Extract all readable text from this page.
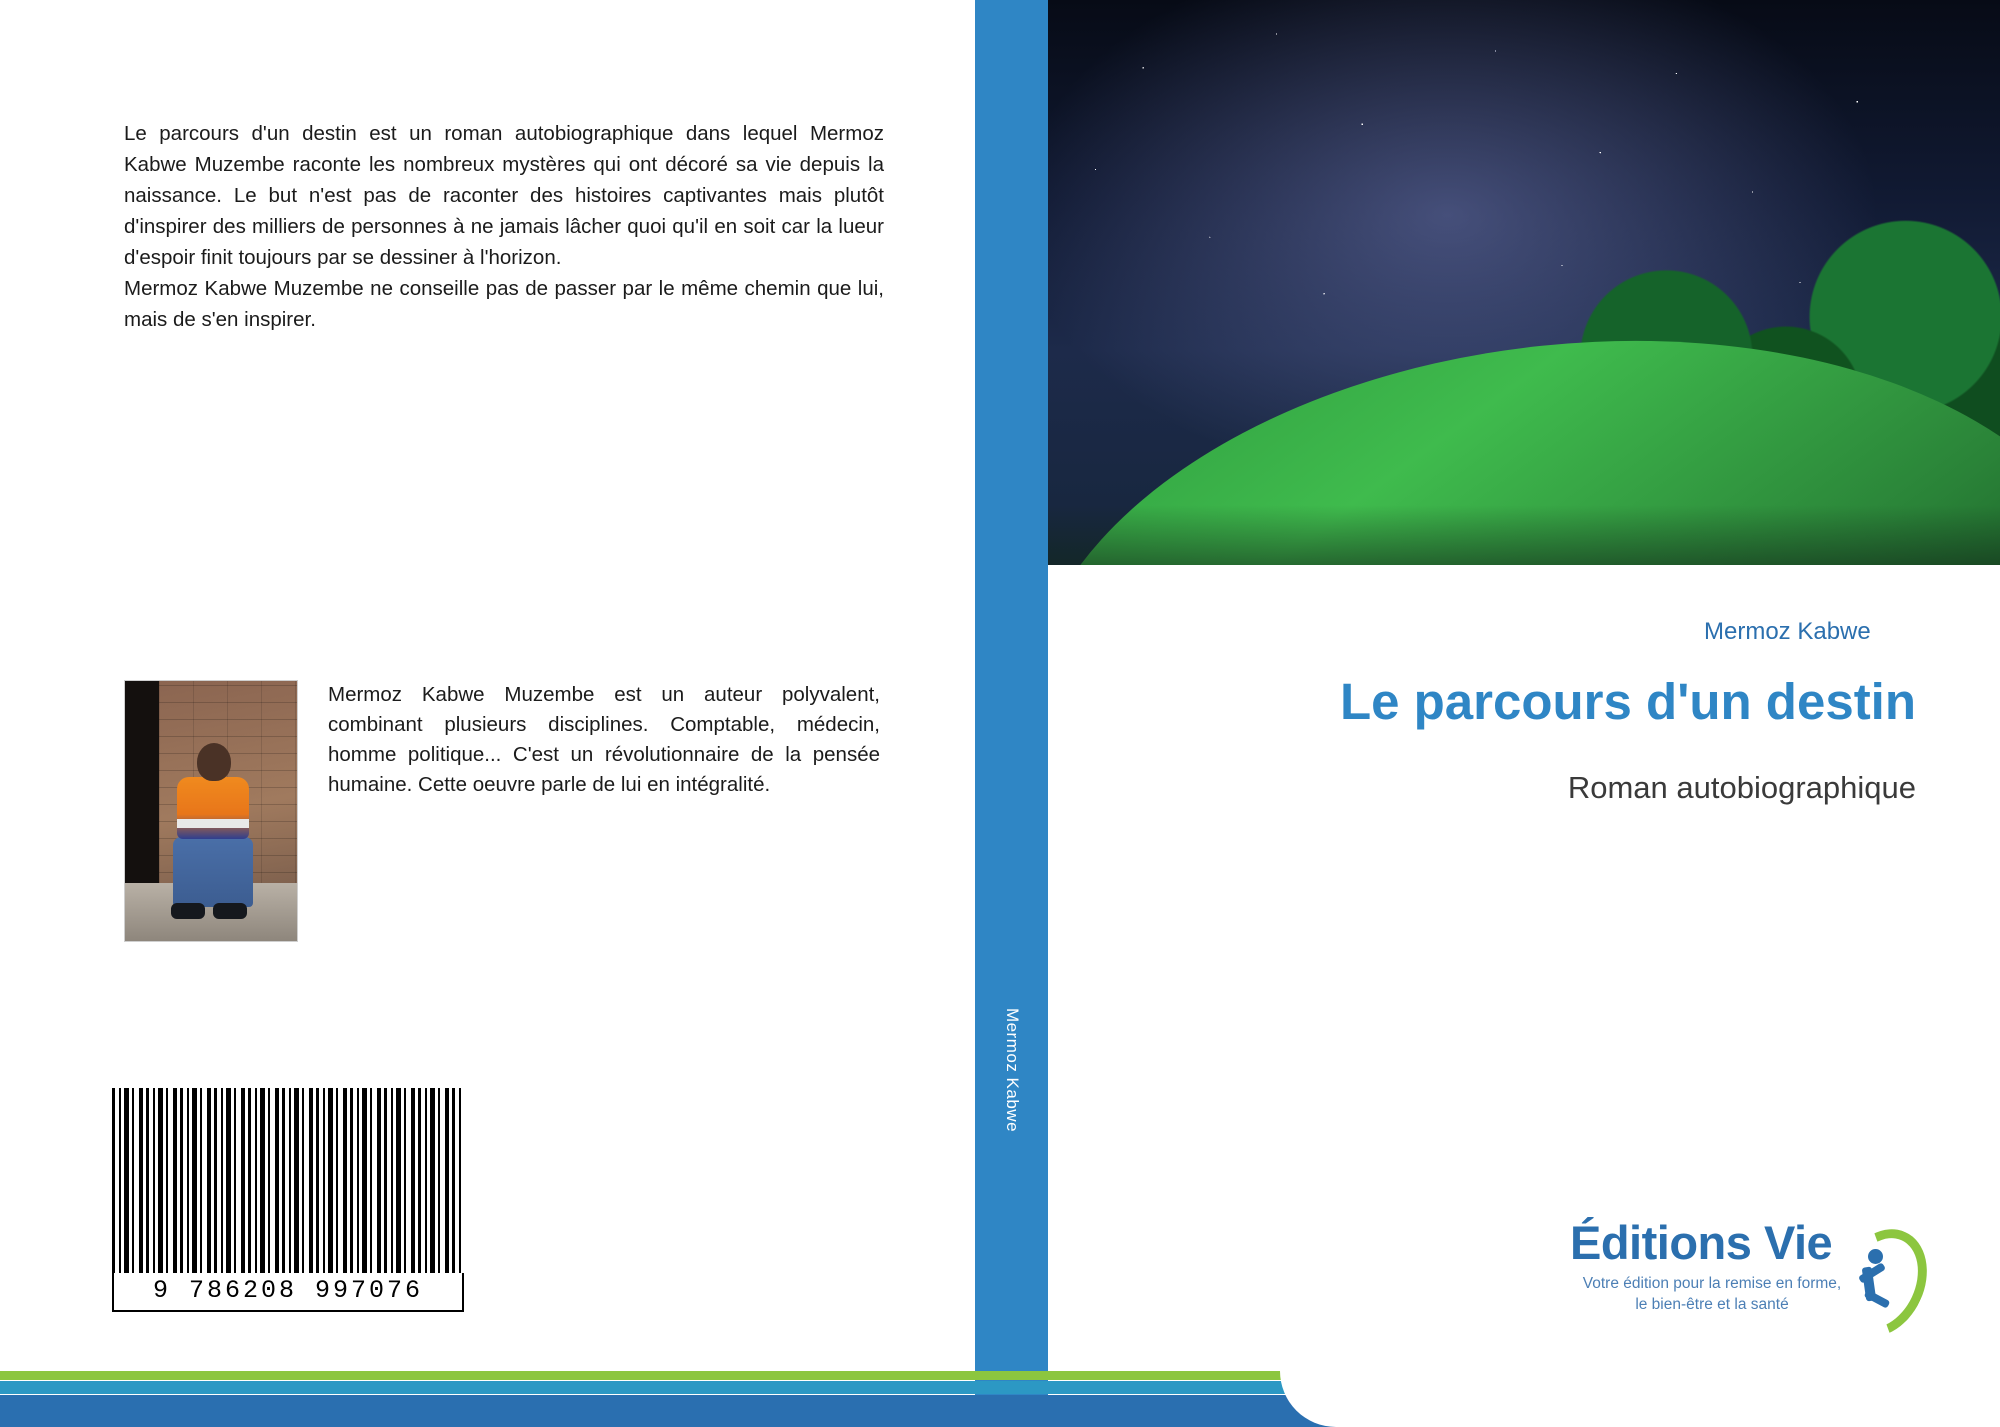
Le parcours d'un destin est un roman autobiographique dans lequel Mermoz Kabwe Muzembe raconte les nombreux mystères qui ont décoré sa vie depuis la naissance. Le but n'est pas de raconter des histoires captivantes mais plutôt d'inspirer des milliers de personnes à ne jamais lâcher quoi qu'il en soit car la lueur d'espoir finit toujours par se dessiner à l'horizon.

Mermoz Kabwe Muzembe ne conseille pas de passer par le même chemin que lui, mais de s'en inspirer.

Mermoz Kabwe Muzembe est un auteur polyvalent, combinant plusieurs disciplines. Comptable, médecin, homme politique... C'est un révolutionnaire de la pensée humaine. Cette oeuvre parle de lui en intégralité.
9 786208 997076
Mermoz Kabwe
Mermoz Kabwe
Le parcours d'un destin
Roman autobiographique
Éditions Vie
Votre édition pour la remise en forme, le bien-être et la santé
